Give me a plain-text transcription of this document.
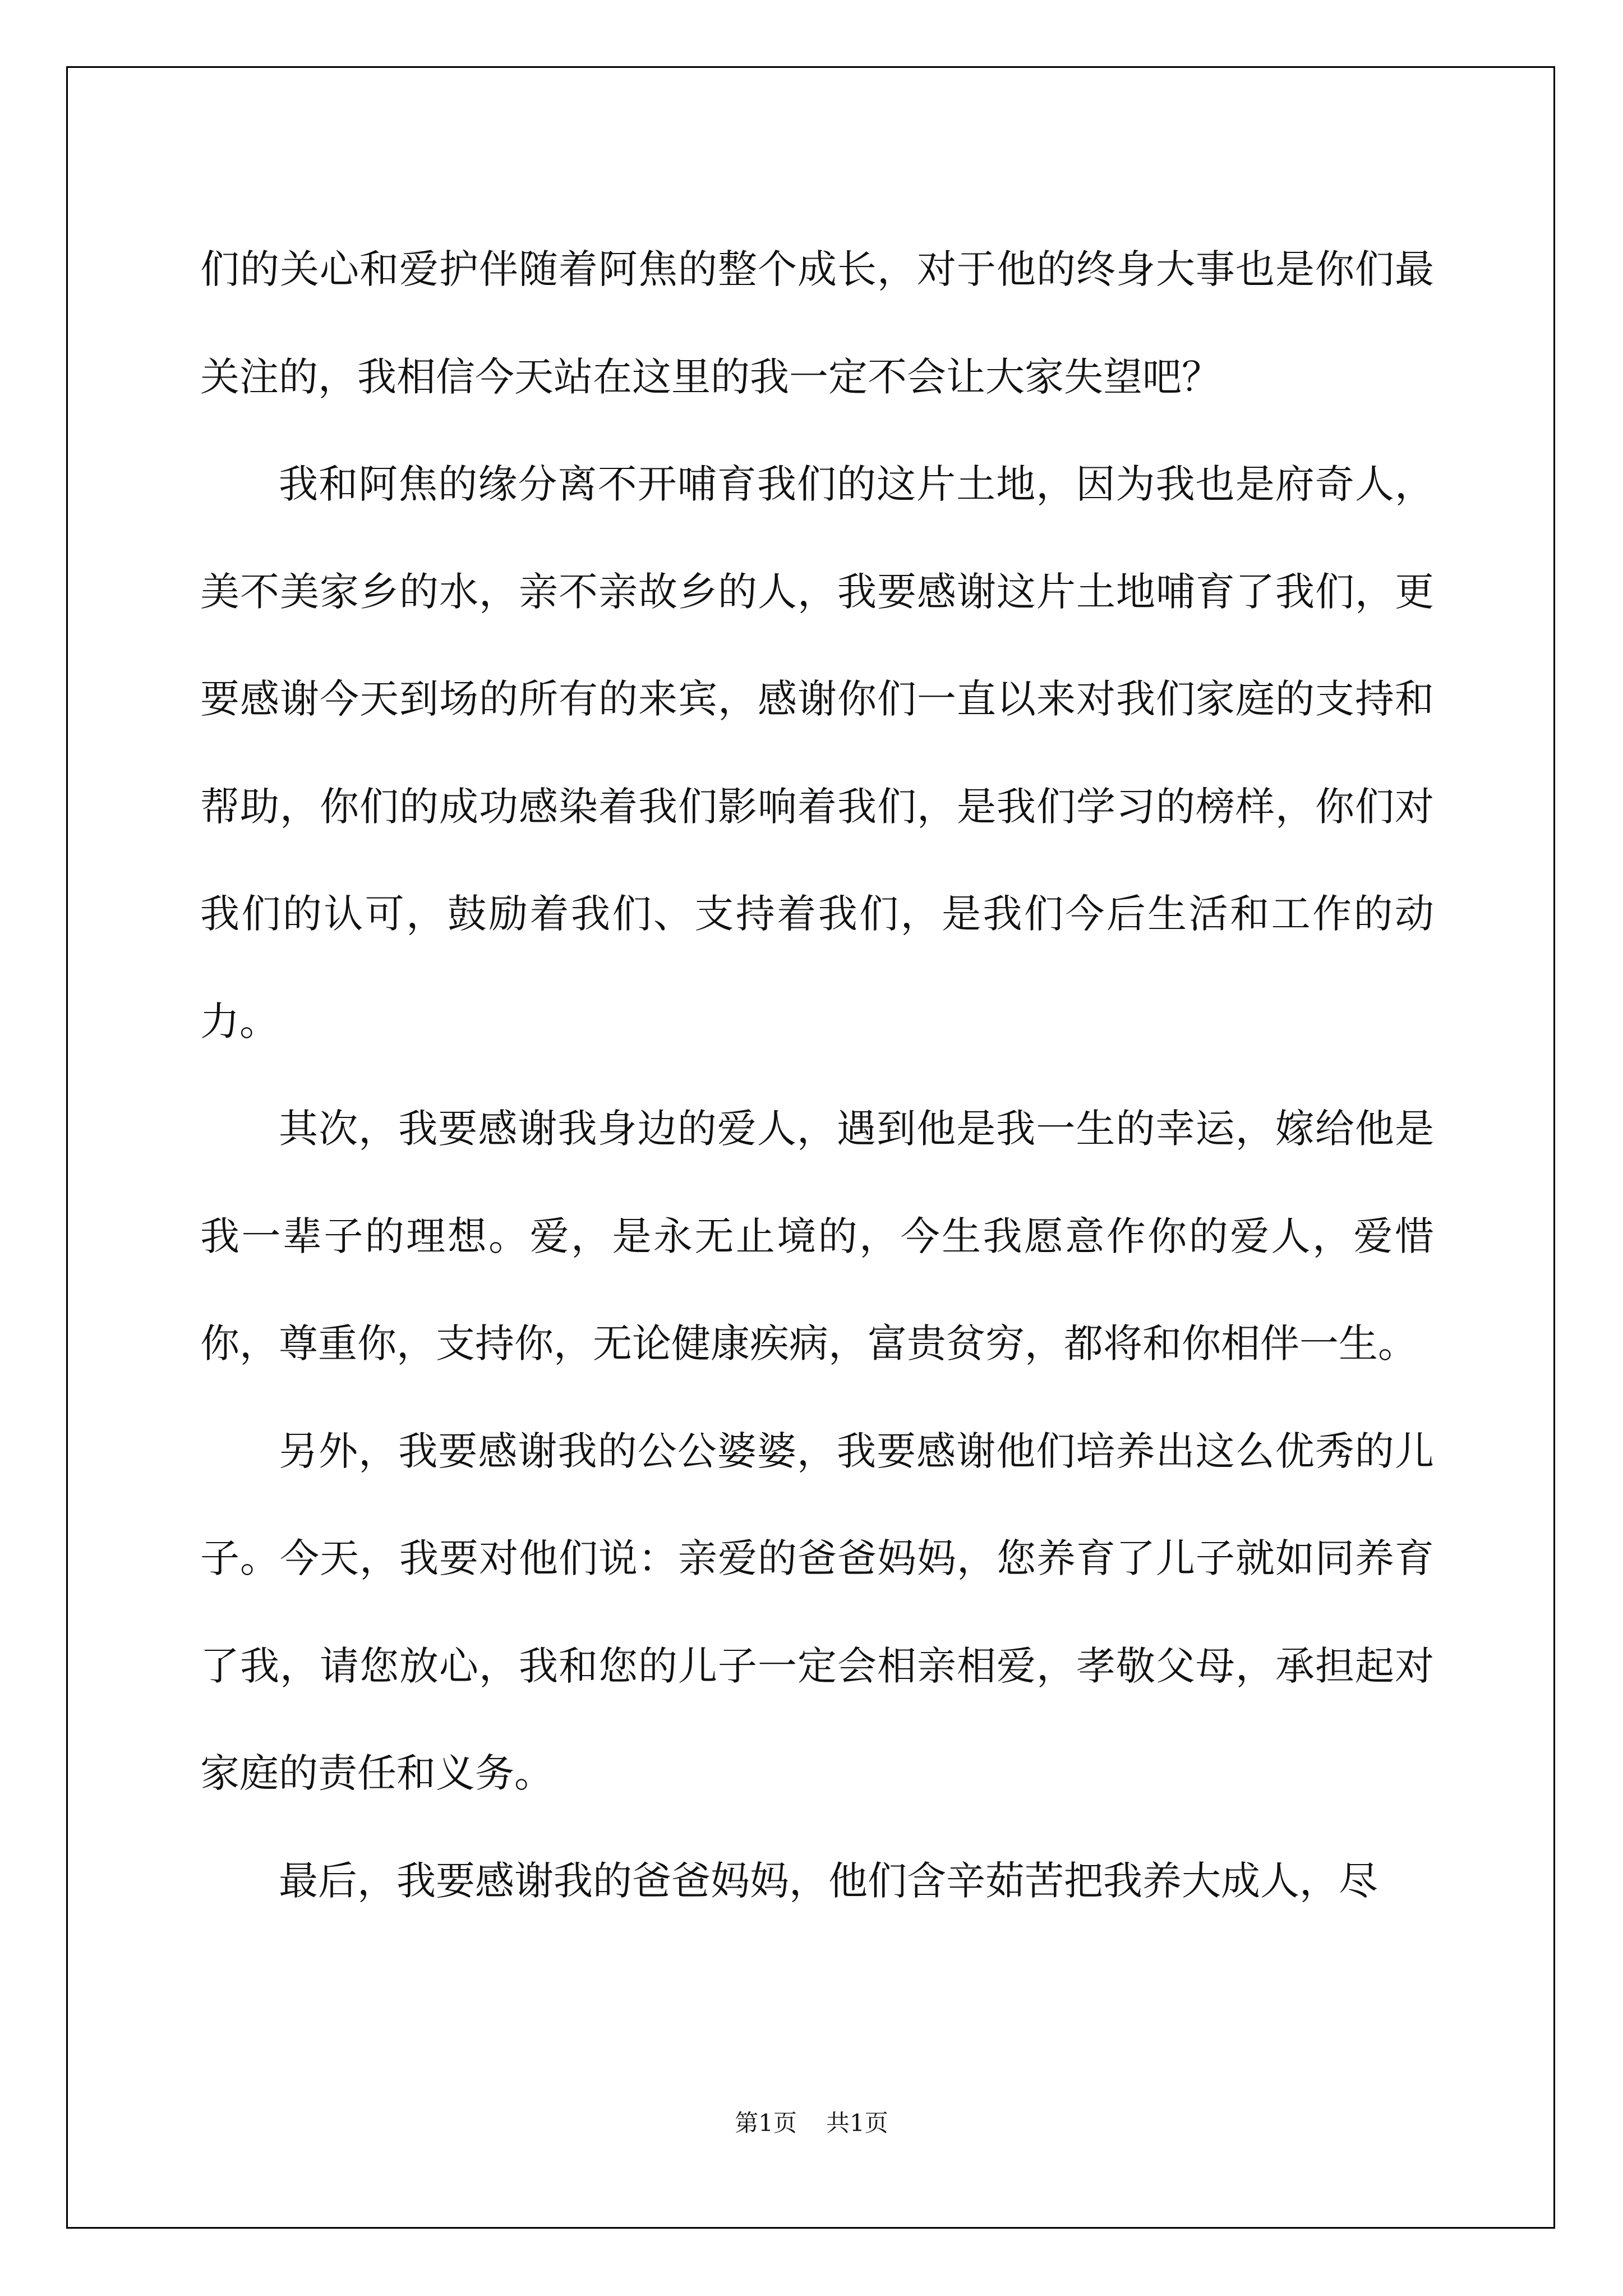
们的关心和爱护伴随着阿焦的整个成长，对于他的终身大事也是你们最关注的，我相信今天站在这里的我一定不会让大家失望吧？

我和阿焦的缘分离不开哺育我们的这片土地，因为我也是府奇人，美不美家乡的水，亲不亲故乡的人，我要感谢这片土地哺育了我们，更要感谢今天到场的所有的来宾，感谢你们一直以来对我们家庭的支持和帮助，你们的成功感染着我们影响着我们，是我们学习的榜样，你们对我们的认可，鼓励着我们、支持着我们，是我们今后生活和工作的动力。

其次，我要感谢我身边的爱人，遇到他是我一生的幸运，嫁给他是我一辈子的理想。爱，是永无止境的，今生我愿意作你的爱人，爱惜你，尊重你，支持你，无论健康疾病，富贵贫穷，都将和你相伴一生。

另外，我要感谢我的公公婆婆，我要感谢他们培养出这么优秀的儿子。今天，我要对他们说：亲爱的爸爸妈妈，您养育了儿子就如同养育了我，请您放心，我和您的儿子一定会相亲相爱，孝敬父母，承担起对家庭的责任和义务。

最后，我要感谢我的爸爸妈妈，他们含辛茹苦把我养大成人，尽

第1页 共1页
